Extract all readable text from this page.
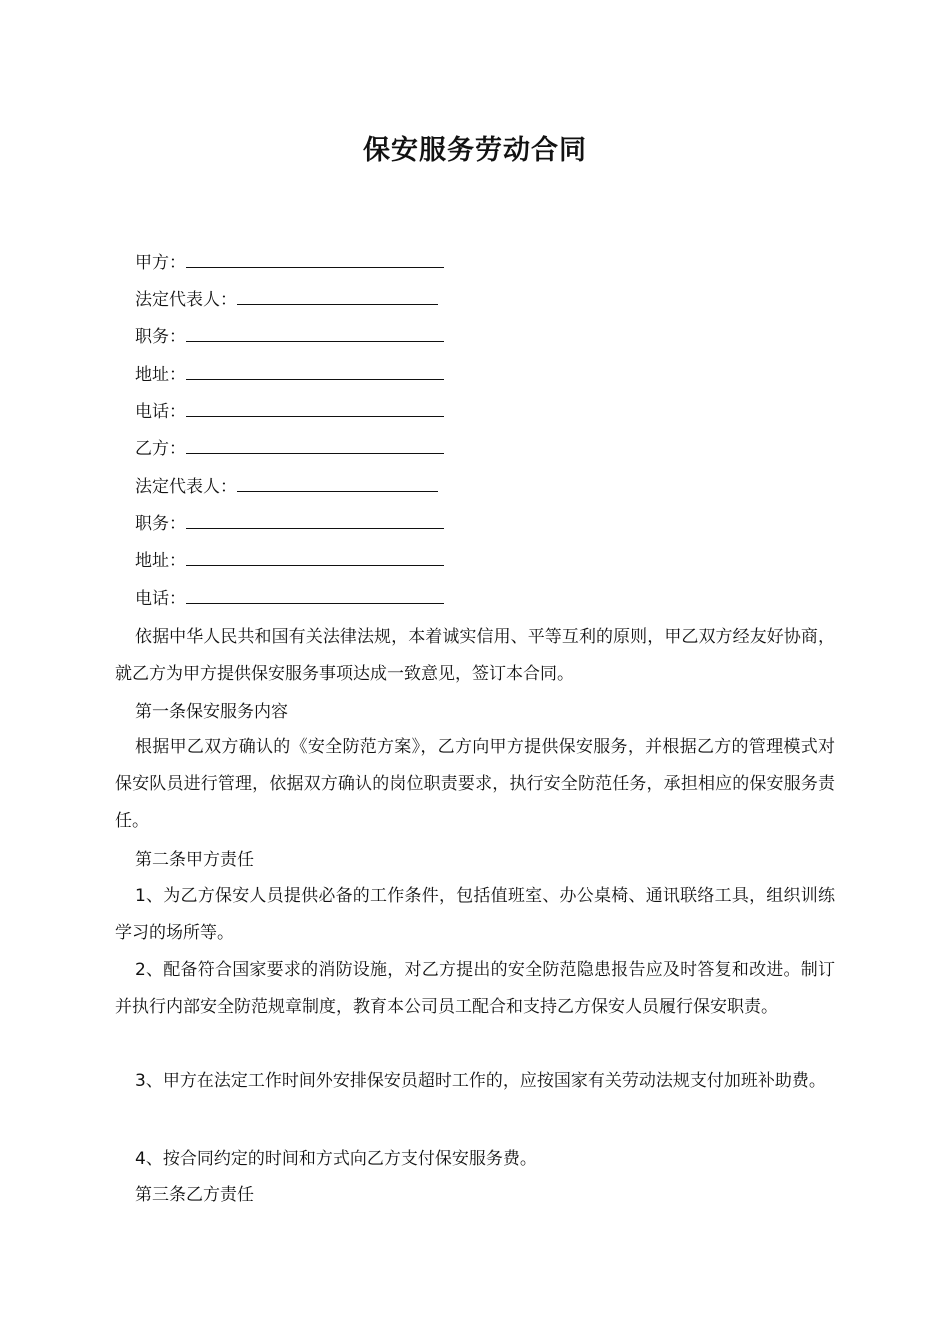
保安服务劳动合同
甲方：
法定代表人：
职务：
地址：
电话：
乙方：
法定代表人：
职务：
地址：
电话：

依据中华人民共和国有关法律法规，本着诚实信用、平等互利的原则，甲乙双方经友好协商，就乙方为甲方提供保安服务事项达成一致意见，签订本合同。

第一条保安服务内容

根据甲乙双方确认的《安全防范方案》，乙方向甲方提供保安服务，并根据乙方的管理模式对保安队员进行管理，依据双方确认的岗位职责要求，执行安全防范任务，承担相应的保安服务责任。

第二条甲方责任

1、为乙方保安人员提供必备的工作条件，包括值班室、办公桌椅、通讯联络工具，组织训练学习的场所等。

2、配备符合国家要求的消防设施，对乙方提出的安全防范隐患报告应及时答复和改进。制订并执行内部安全防范规章制度，教育本公司员工配合和支持乙方保安人员履行保安职责。

3、甲方在法定工作时间外安排保安员超时工作的，应按国家有关劳动法规支付加班补助费。

4、按合同约定的时间和方式向乙方支付保安服务费。

第三条乙方责任
